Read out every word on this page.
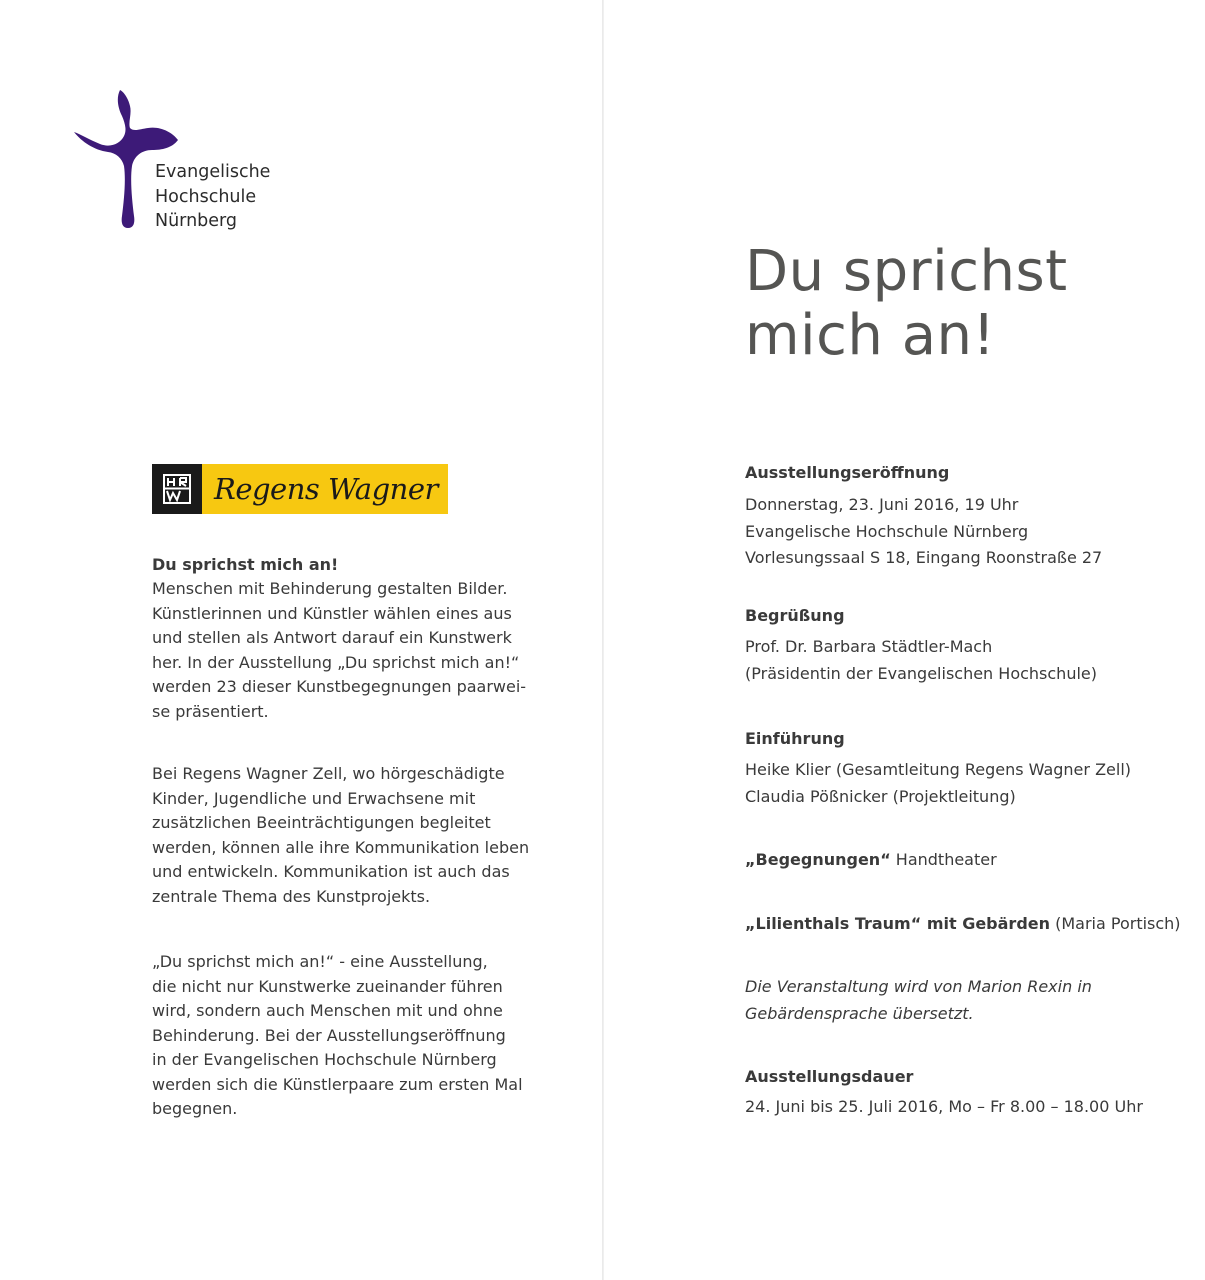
Evangelische
Hochschule
Nürnberg

Regens Wagner
Du sprichst mich an!

Menschen mit Behinderung gestalten Bilder.
Künstlerinnen und Künstler wählen eines aus
und stellen als Antwort darauf ein Kunstwerk
her. In der Ausstellung „Du sprichst mich an!“
werden 23 dieser Kunstbegegnungen paarwei-
se präsentiert.

Bei Regens Wagner Zell, wo hörgeschädigte
Kinder, Jugendliche und Erwachsene mit
zusätzlichen Beeinträchtigungen begleitet
werden, können alle ihre Kommunikation leben
und entwickeln. Kommunikation ist auch das
zentrale Thema des Kunstprojekts.

„Du sprichst mich an!“ - eine Ausstellung,
die nicht nur Kunstwerke zueinander führen
wird, sondern auch Menschen mit und ohne
Behinderung. Bei der Ausstellungseröffnung
in der Evangelischen Hochschule Nürnberg
werden sich die Künstlerpaare zum ersten Mal
begegnen.

Du sprichst
mich an!
Ausstellungseröffnung

Donnerstag, 23. Juni 2016, 19 Uhr

Evangelische Hochschule Nürnberg

Vorlesungssaal S 18, Eingang Roonstraße 27

Begrüßung

Prof. Dr. Barbara Städtler-Mach

(Präsidentin der Evangelischen Hochschule)

Einführung

Heike Klier (Gesamtleitung Regens Wagner Zell)

Claudia Pößnicker (Projektleitung)

„Begegnungen“ Handtheater

„Lilienthals Traum“ mit Gebärden (Maria Portisch)

Die Veranstaltung wird von Marion Rexin in

Gebärdensprache übersetzt.

Ausstellungsdauer

24. Juni bis 25. Juli 2016, Mo – Fr 8.00 – 18.00 Uhr
